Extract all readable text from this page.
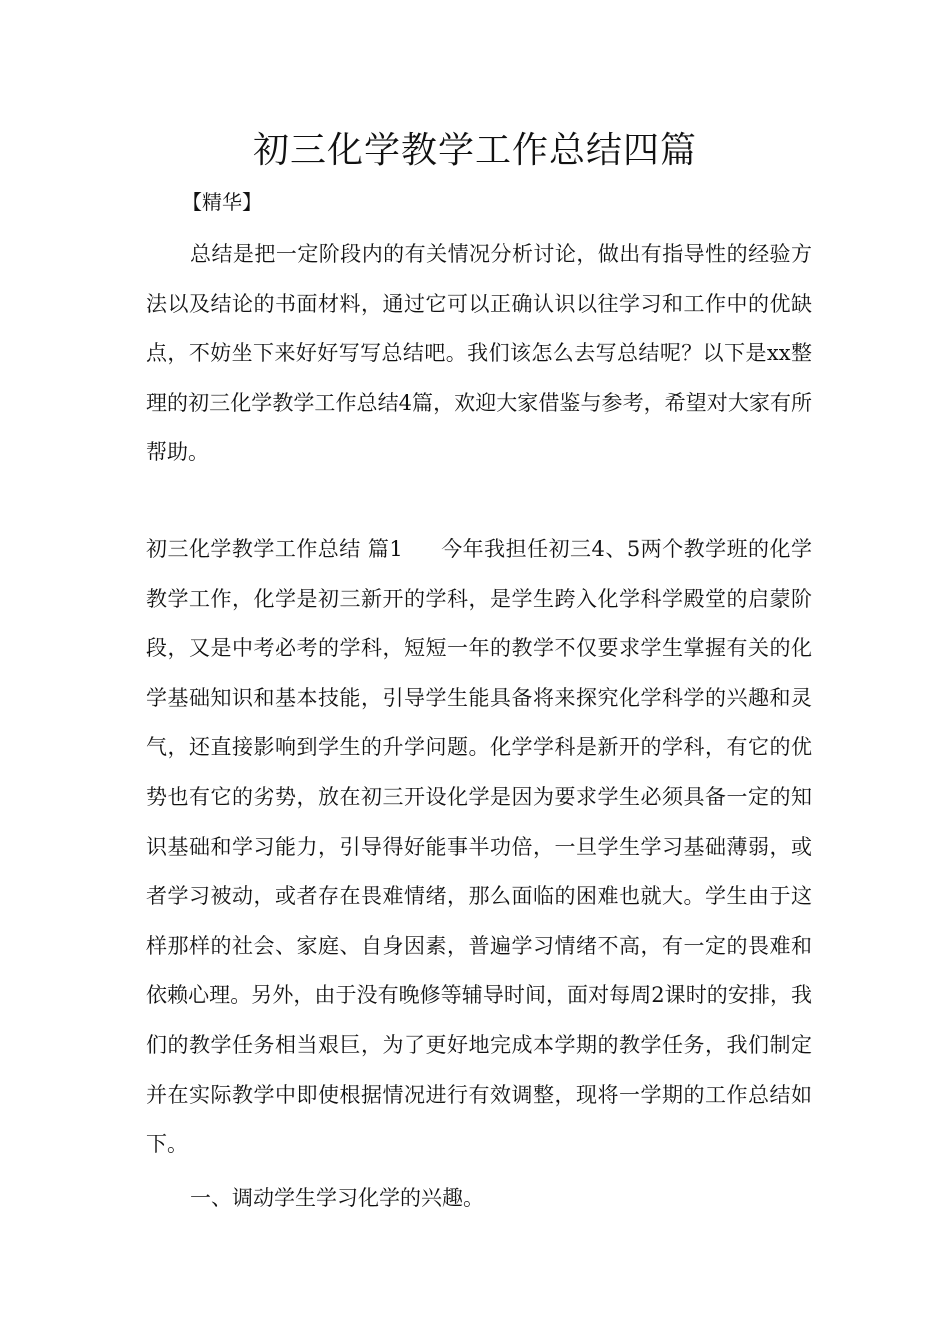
初三化学教学工作总结四篇

【精华】

总结是把一定阶段内的有关情况分析讨论，做出有指导性的经验方法以及结论的书面材料，通过它可以正确认识以往学习和工作中的优缺点，不妨坐下来好好写写总结吧。我们该怎么去写总结呢？以下是xx整理的初三化学教学工作总结4篇，欢迎大家借鉴与参考，希望对大家有所帮助。

初三化学教学工作总结 篇1 今年我担任初三4、5两个教学班的化学教学工作，化学是初三新开的学科，是学生跨入化学科学殿堂的启蒙阶段，又是中考必考的学科，短短一年的教学不仅要求学生掌握有关的化学基础知识和基本技能，引导学生能具备将来探究化学科学的兴趣和灵气，还直接影响到学生的升学问题。化学学科是新开的学科，有它的优势也有它的劣势，放在初三开设化学是因为要求学生必须具备一定的知识基础和学习能力，引导得好能事半功倍，一旦学生学习基础薄弱，或者学习被动，或者存在畏难情绪，那么面临的困难也就大。学生由于这样那样的社会、家庭、自身因素，普遍学习情绪不高，有一定的畏难和依赖心理。另外，由于没有晚修等辅导时间，面对每周2课时的安排，我们的教学任务相当艰巨，为了更好地完成本学期的教学任务，我们制定并在实际教学中即使根据情况进行有效调整，现将一学期的工作总结如下。

一、调动学生学习化学的兴趣。
